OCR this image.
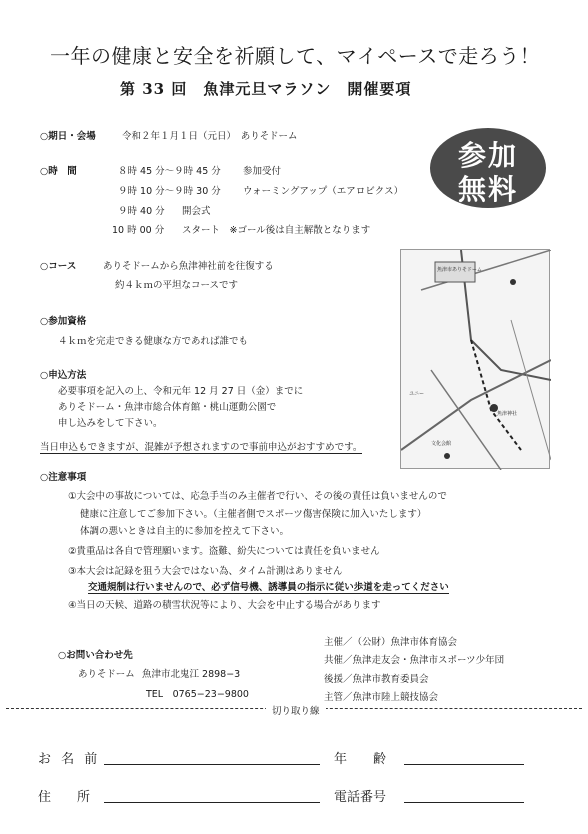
一年の健康と安全を祈願して、マイペースで走ろう！
第 33 回　魚津元旦マラソン　開催要項
参加
無料
○期日・会場	令和２年１月１日（元日）　ありそドーム
○時　間	８時 45 分〜９時 45 分 参加受付
９時 10 分〜９時 30 分 ウォーミングアップ（エアロビクス）
９時 40 分 開会式
10 時 00 分 スタート　※ゴール後は自主解散となります
○コース	ありそドームから魚津神社前を往復する
約４ｋｍの平坦なコースです
○参加資格
４ｋｍを完走できる健康な方であれば誰でも
○申込方法
必要事項を記入の上、令和元年 12 月 27 日（金）までに
ありそドーム・魚津市総合体育館・桃山運動公園で
申し込みをして下さい。
当日申込もできますが、混雑が予想されますので事前申込がおすすめです。
魚津市ありそドーム
ユニー
魚津神社
文化会館
○注意事項
①大会中の事故については、応急手当のみ主催者で行い、その後の責任は負いませんので
健康に注意してご参加下さい。（主催者側でスポーツ傷害保険に加入いたします）
体調の悪いときは自主的に参加を控えて下さい。
②貴重品は各自で管理願います。盗難、紛失については責任を負いません
③本大会は記録を狙う大会ではない為、タイム計測はありません
交通規制は行いませんので、必ず信号機、誘導員の指示に従い歩道を走ってください
④当日の天候、道路の積雪状況等により、大会を中止する場合があります
○お問い合わせ先
ありそドーム 魚津市北鬼江 2898−3
TEL　0765−23−9800
主催／（公財）魚津市体育協会
共催／魚津走友会・魚津市スポーツ少年団
後援／魚津市教育委員会
主管／魚津市陸上競技協会
切り取り線
お 名 前	年　　齢
住　　所	電話番号
